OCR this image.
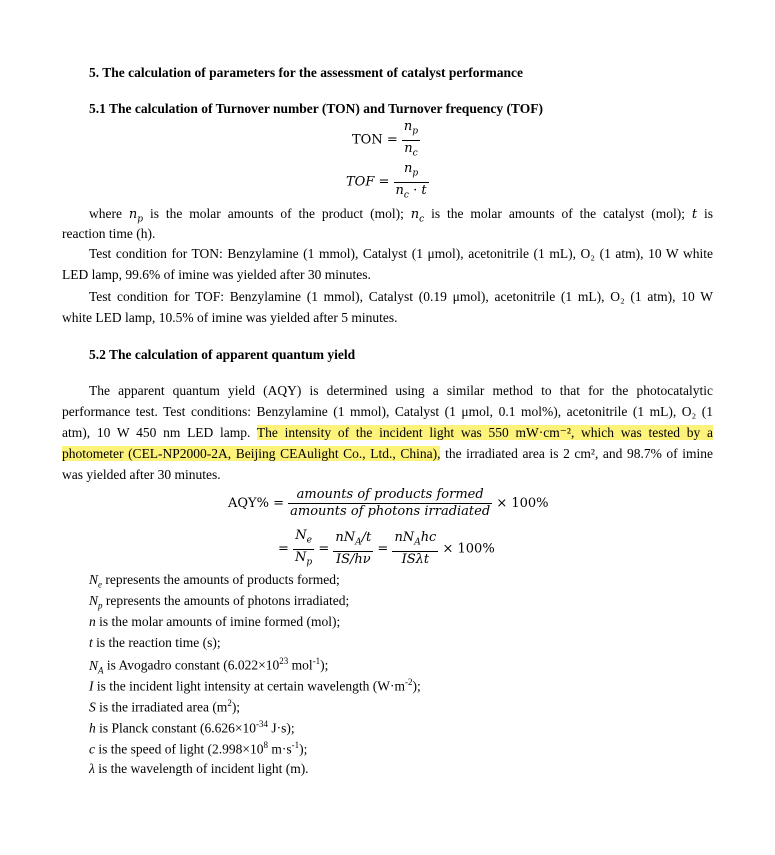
5. The calculation of parameters for the assessment of catalyst performance
5.1 The calculation of Turnover number (TON) and Turnover frequency (TOF)
TON = $\frac{n_p}{n_c}$
TOF = $\frac{n_p}{n_c \cdot t}$
where $n_p$ is the molar amounts of the product (mol); $n_c$ is the molar amounts of the catalyst (mol); t is
reaction time (h).
Test condition for TON: Benzylamine (1 mmol), Catalyst (1 μmol), acetonitrile (1 mL), O₂ (1 atm), 10 W white
LED lamp, 99.6% of imine was yielded after 30 minutes.
Test condition for TOF: Benzylamine (1 mmol), Catalyst (0.19 μmol), acetonitrile (1 mL), O₂ (1 atm), 10 W
white LED lamp, 10.5% of imine was yielded after 5 minutes.
5.2 The calculation of apparent quantum yield
The apparent quantum yield (AQY) is determined using a similar method to that for the photocatalytic
performance test. Test conditions: Benzylamine (1 mmol), Catalyst (1 μmol, 0.1 mol%), acetonitrile (1 mL), O₂ (1
atm), 10 W 450 nm LED lamp. The intensity of the incident light was 550 mW·cm⁻², which was tested by a
photometer (CEL-NP2000-2A, Beijing CEAulight Co., Ltd., China), the irradiated area is 2 cm², and 98.7% of imine
was yielded after 30 minutes.
$AQY\% = \frac{\text{amounts of products formed}}{\text{amounts of photons irradiated}} \times 100\%$
= $\frac{N_e}{N_p} = \frac{nN_A/t}{IS/h\nu} = \frac{nN_Ahc}{\text{ISλt}} \times 100\%$
$N_e$ represents the amounts of products formed;
$N_p$ represents the amounts of photons irradiated;
n is the molar amounts of imine formed (mol);
t is the reaction time (s);
$N_A$ is Avogadro constant ($6.022\times 10^{23}$ mol$^{-1}$);
I is the incident light intensity at certain wavelength $(W\cdot m^{-2})$;
S is the irradiated area $(m^2)$;
h is Planck constant ($6.626\times 10^{-34}$ J·s);
c is the speed of light ($2.998\times 10^8$ $m\cdot s^{-1}$);
λ is the wavelength of incident light (m).
